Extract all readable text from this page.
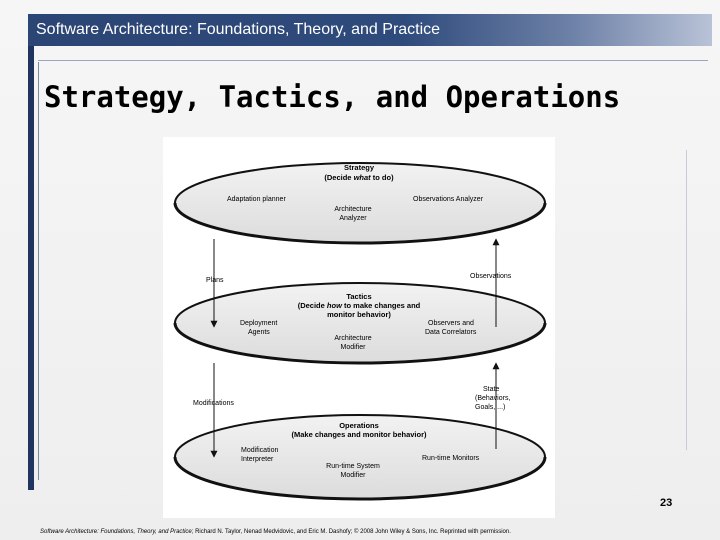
Software Architecture: Foundations, Theory, and Practice
Strategy, Tactics, and Operations
Strategy
(Decide what to do)
Adaptation planner	Observations Analyzer
Architecture
Analyzer
Plans
Observations
Tactics
(Decide how to make changes and
monitor behavior)
Deployment
Agents
Observers and
Data Correlators
Architecture
Modifier
Modifications
State
(Behaviors,
Goals, ...)
Operations
(Make changes and monitor behavior)
Modification
Interpreter	Run-time Monitors
Run-time System
Modifier
23
Software Architecture: Foundations, Theory, and Practice; Richard N. Taylor, Nenad Medvidovic, and Eric M. Dashofy; © 2008 John Wiley & Sons, Inc. Reprinted with permission.
